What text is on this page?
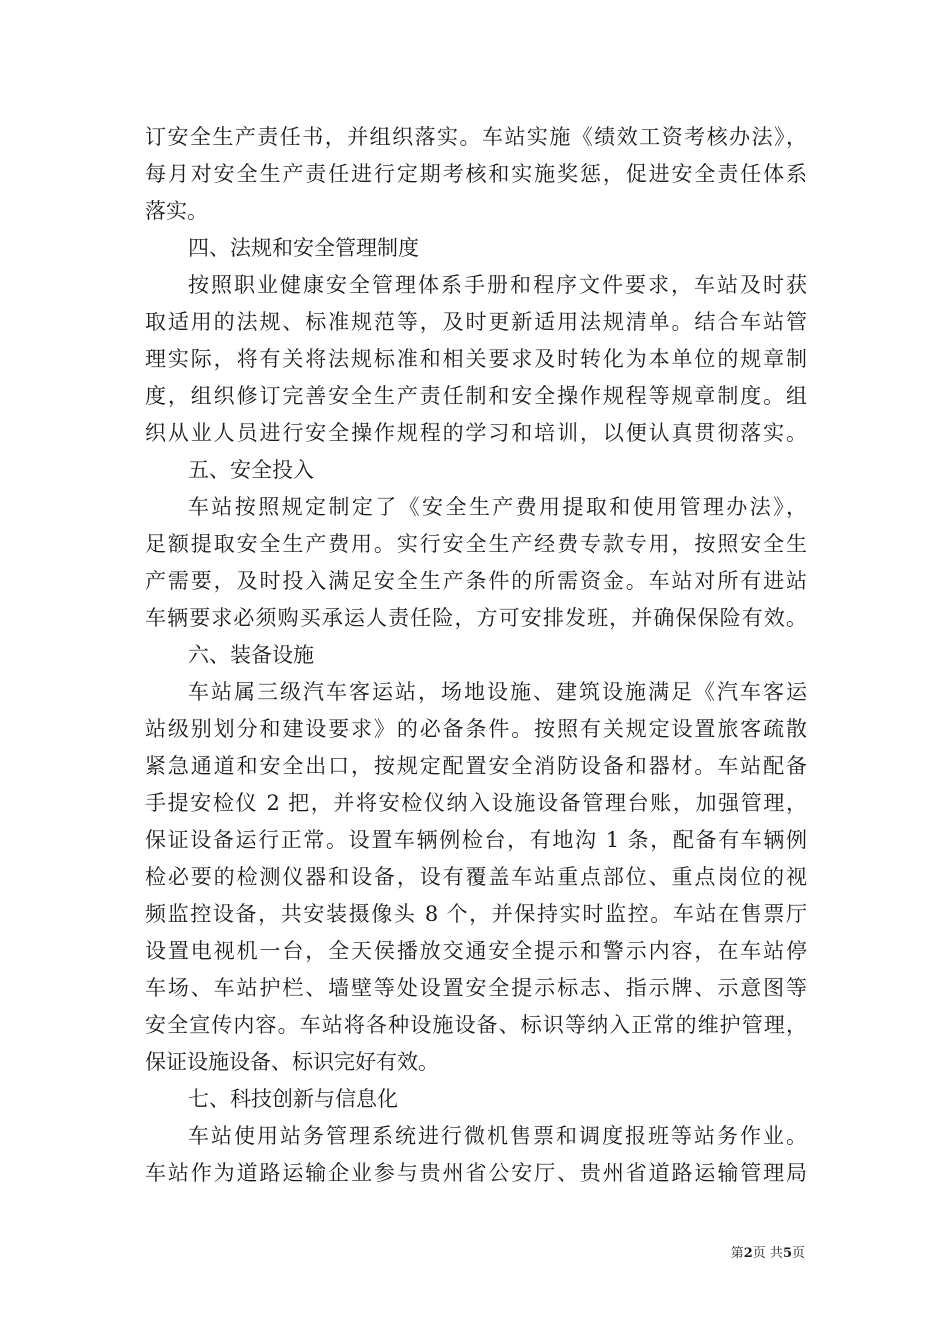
订安全生产责任书，并组织落实。车站实施《绩效工资考核办法》，
每月对安全生产责任进行定期考核和实施奖惩，促进安全责任体系
落实。
四、法规和安全管理制度
按照职业健康安全管理体系手册和程序文件要求，车站及时获
取适用的法规、标准规范等，及时更新适用法规清单。结合车站管
理实际，将有关将法规标准和相关要求及时转化为本单位的规章制
度，组织修订完善安全生产责任制和安全操作规程等规章制度。组
织从业人员进行安全操作规程的学习和培训，以便认真贯彻落实。
五、安全投入
车站按照规定制定了《安全生产费用提取和使用管理办法》，
足额提取安全生产费用。实行安全生产经费专款专用，按照安全生
产需要，及时投入满足安全生产条件的所需资金。车站对所有进站
车辆要求必须购买承运人责任险，方可安排发班，并确保保险有效。
六、装备设施
车站属三级汽车客运站，场地设施、建筑设施满足《汽车客运
站级别划分和建设要求》的必备条件。按照有关规定设置旅客疏散
紧急通道和安全出口，按规定配置安全消防设备和器材。车站配备
手提安检仪 2 把，并将安检仪纳入设施设备管理台账，加强管理，
保证设备运行正常。设置车辆例检台，有地沟 1 条，配备有车辆例
检必要的检测仪器和设备，设有覆盖车站重点部位、重点岗位的视
频监控设备，共安装摄像头 8 个，并保持实时监控。车站在售票厅
设置电视机一台，全天侯播放交通安全提示和警示内容，在车站停
车场、车站护栏、墙壁等处设置安全提示标志、指示牌、示意图等
安全宣传内容。车站将各种设施设备、标识等纳入正常的维护管理，
保证设施设备、标识完好有效。
七、科技创新与信息化
车站使用站务管理系统进行微机售票和调度报班等站务作业。
车站作为道路运输企业参与贵州省公安厅、贵州省道路运输管理局
第2页 共5页
